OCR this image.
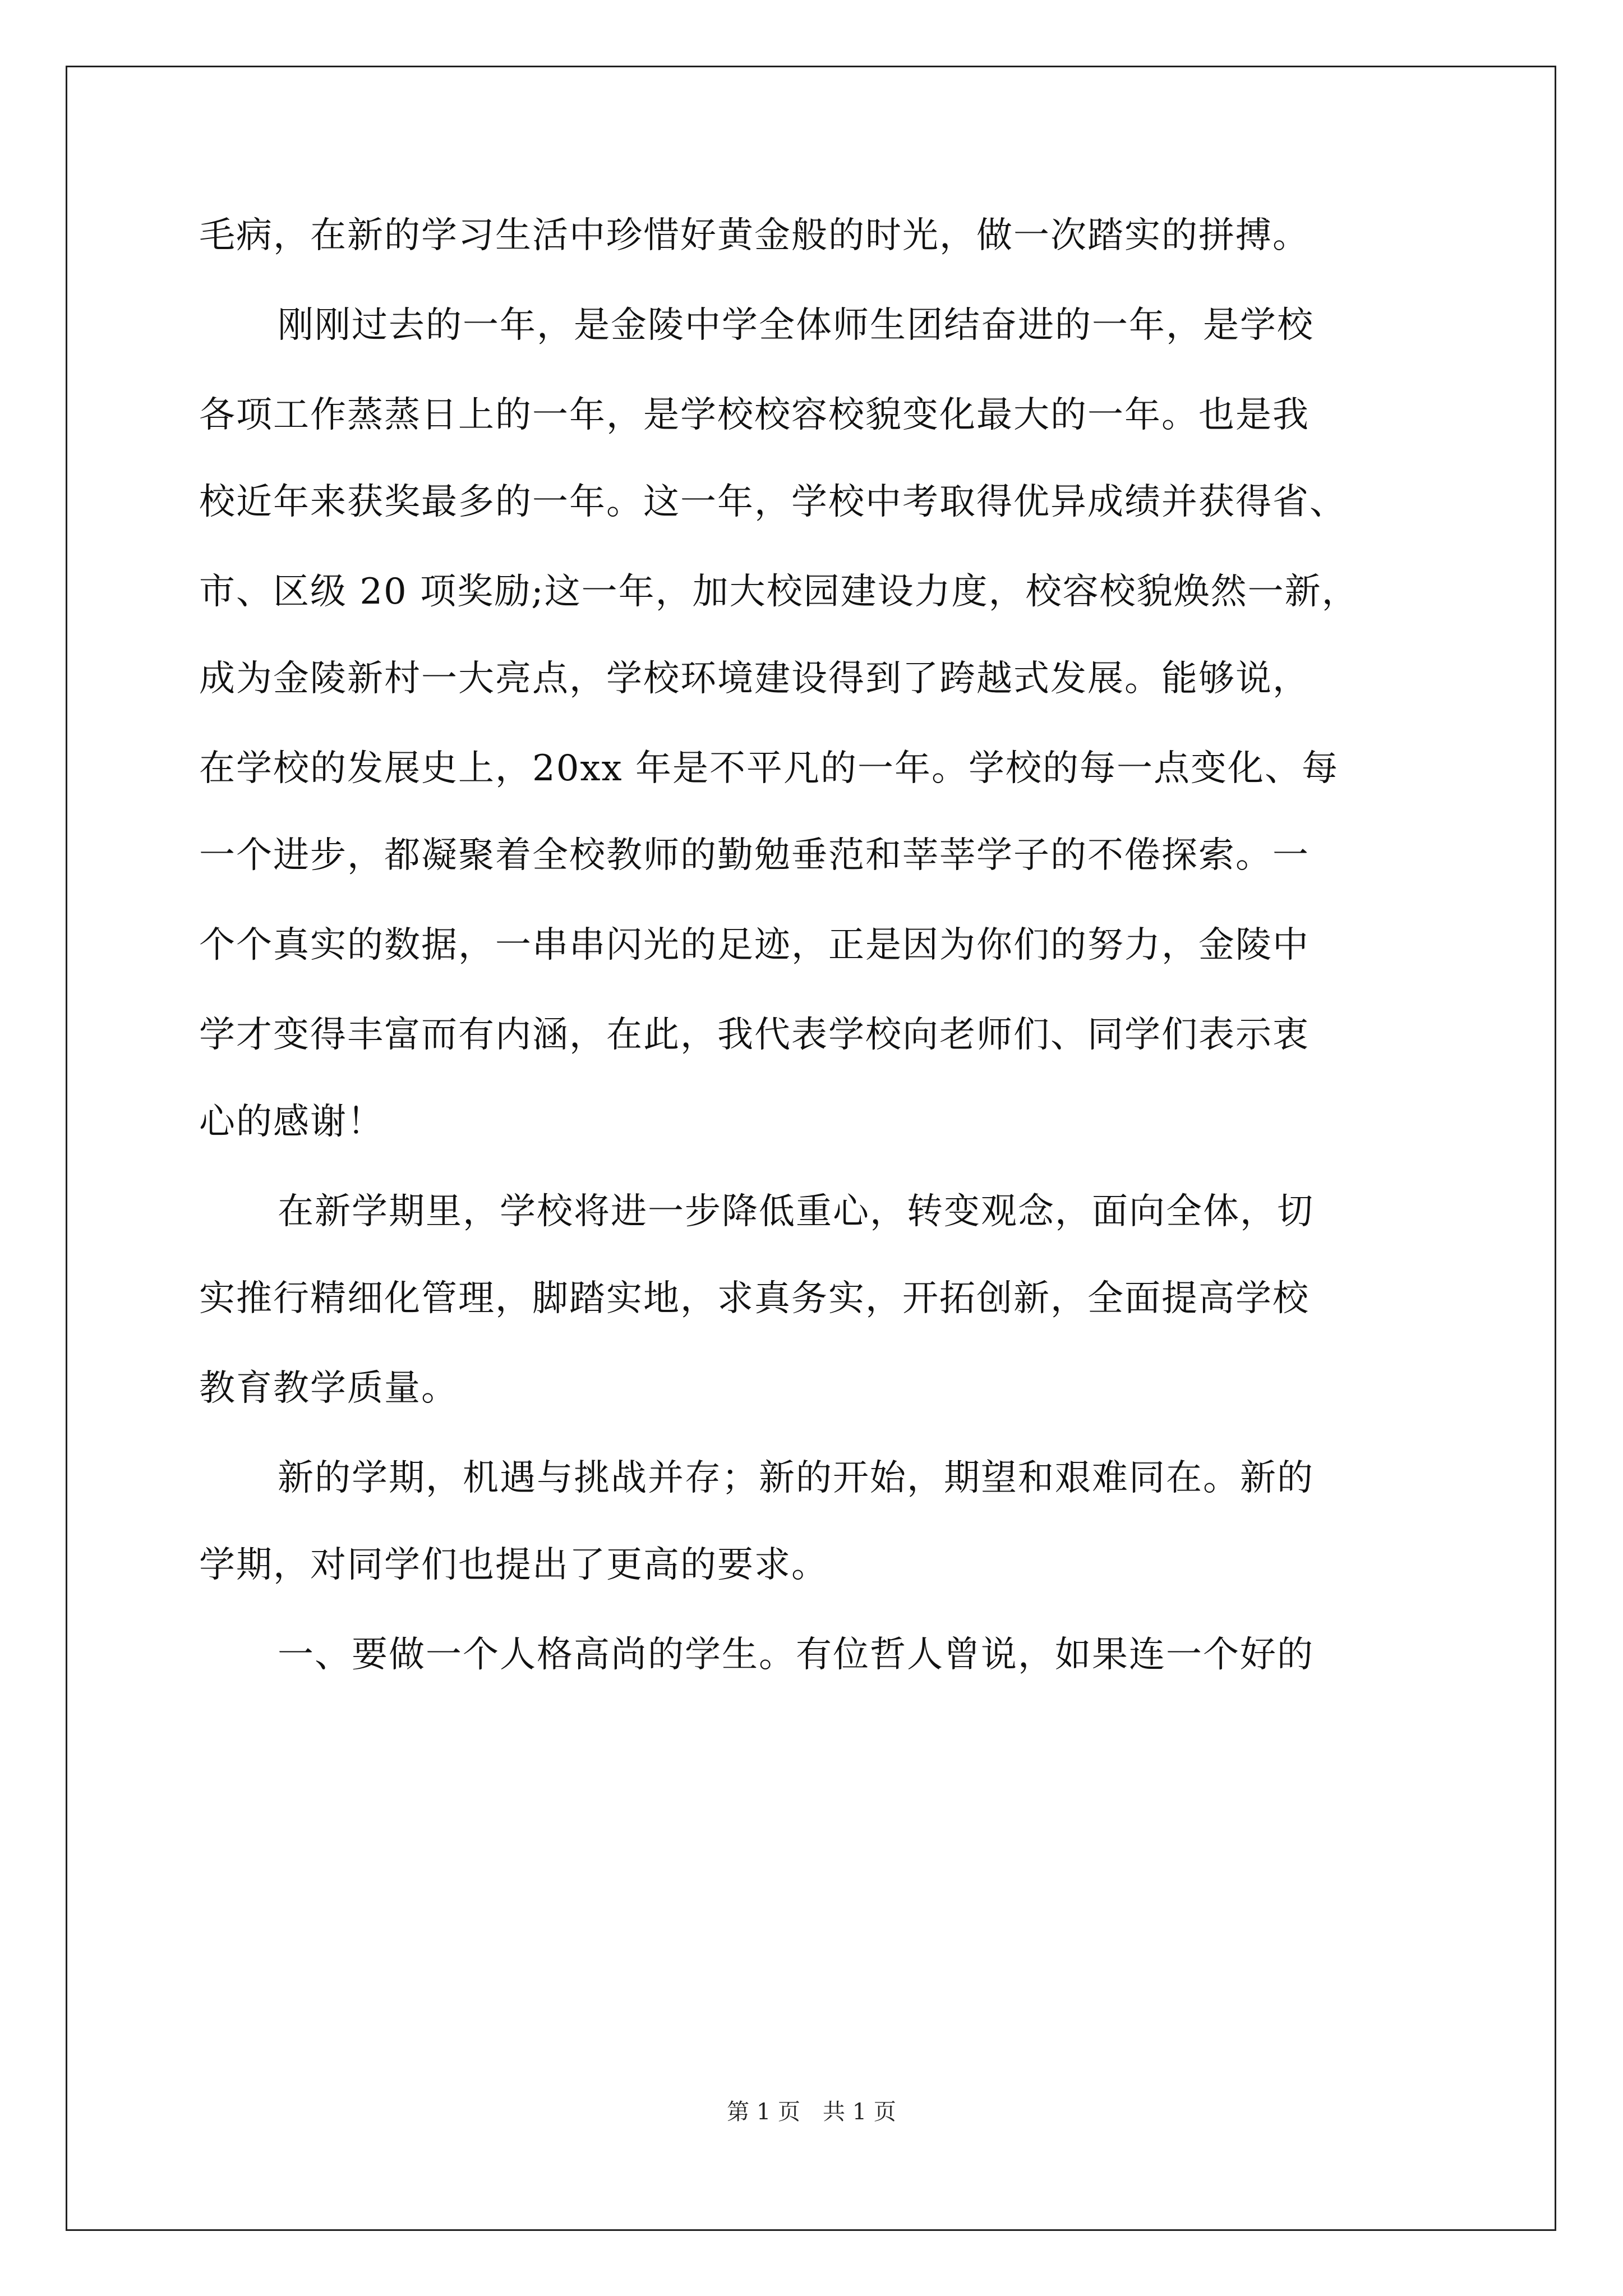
毛病，在新的学习生活中珍惜好黄金般的时光，做一次踏实的拼搏。
刚刚过去的一年，是金陵中学全体师生团结奋进的一年，是学校
各项工作蒸蒸日上的一年，是学校校容校貌变化最大的一年。也是我
校近年来获奖最多的一年。这一年，学校中考取得优异成绩并获得省、
市、区级 20 项奖励;这一年，加大校园建设力度，校容校貌焕然一新，
成为金陵新村一大亮点，学校环境建设得到了跨越式发展。能够说，
在学校的发展史上，20xx 年是不平凡的一年。学校的每一点变化、每
一个进步，都凝聚着全校教师的勤勉垂范和莘莘学子的不倦探索。一
个个真实的数据，一串串闪光的足迹，正是因为你们的努力，金陵中
学才变得丰富而有内涵，在此，我代表学校向老师们、同学们表示衷
心的感谢！
在新学期里，学校将进一步降低重心，转变观念，面向全体，切
实推行精细化管理，脚踏实地，求真务实，开拓创新，全面提高学校
教育教学质量。
新的学期，机遇与挑战并存；新的开始，期望和艰难同在。新的
学期，对同学们也提出了更高的要求。
一、要做一个人格高尚的学生。有位哲人曾说，如果连一个好的
第 1 页　共 1 页
